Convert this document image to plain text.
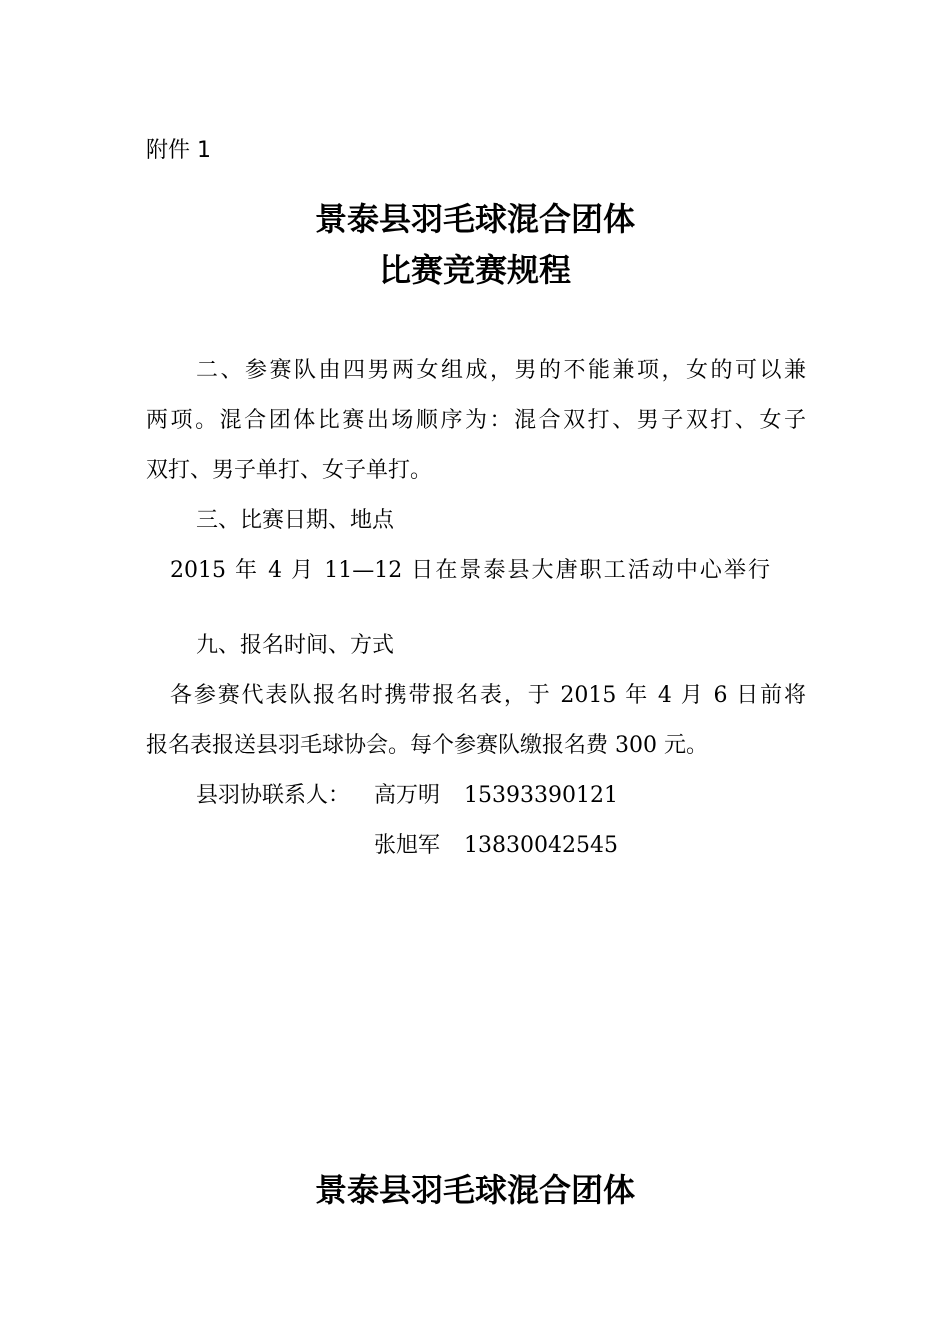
附件 1
景泰县羽毛球混合团体
比赛竞赛规程
二、参赛队由四男两女组成，男的不能兼项，女的可以兼
两项。混合团体比赛出场顺序为：混合双打、男子双打、女子
双打、男子单打、女子单打。
三、比赛日期、地点
2015 年 4 月 11—12 日在景泰县大唐职工活动中心举行
九、报名时间、方式
各参赛代表队报名时携带报名表，于 2015 年 4 月 6 日前将
报名表报送县羽毛球协会。每个参赛队缴报名费 300 元。
县羽协联系人： 高万明 15393390121
张旭军 13830042545
景泰县羽毛球混合团体
